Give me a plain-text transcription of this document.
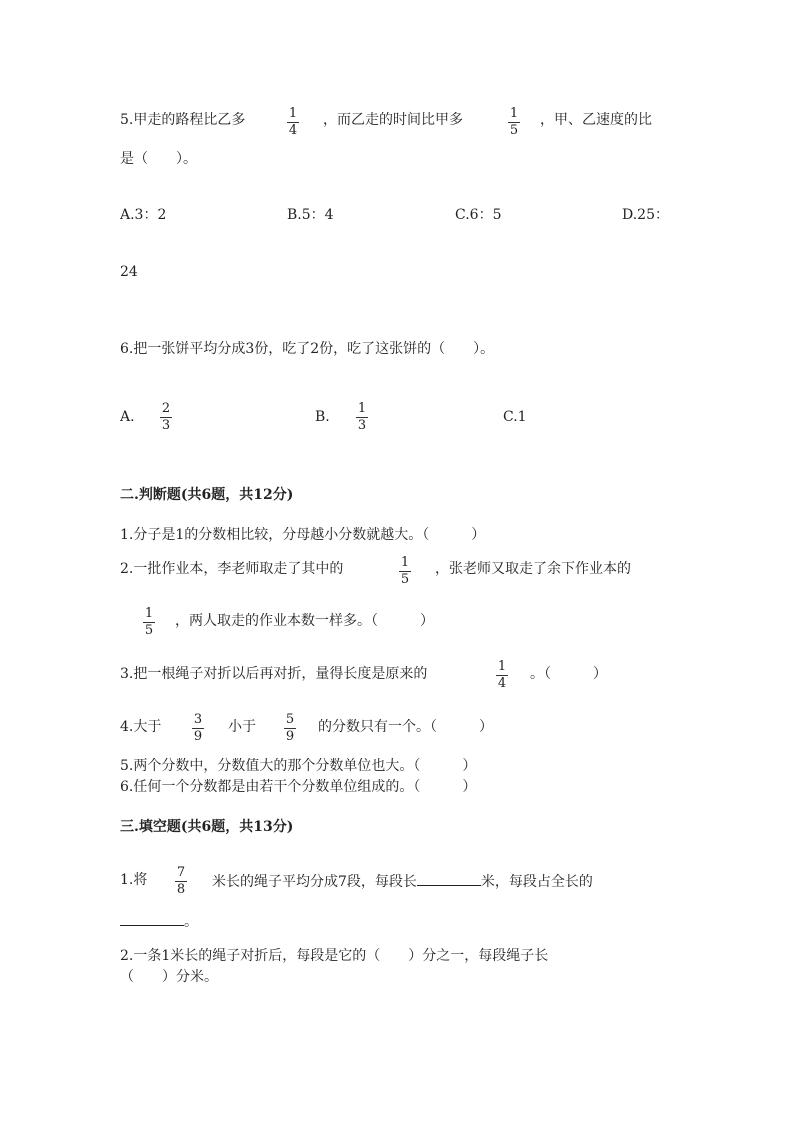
5.甲走的路程比乙多	1
4
，而乙走的时间比甲多	1
5
，甲、乙速度的比
是（　　）。
A.3：2	B.5：4	C.6：5	D.25：
24
6.把一张饼平均分成3份，吃了2份，吃了这张饼的（　　）。
A.
2
3
B.
1
3
C.1
二.判断题(共6题，共12分)
1.分子是1的分数相比较，分母越小分数就越大。（　　　）
2.一批作业本，李老师取走了其中的	1
5
，张老师又取走了余下作业本的
1
5
，两人取走的作业本数一样多。（　　　）
3.把一根绳子对折以后再对折，量得长度是原来的	1
4
。（　　　）
4.大于	3
9
小于 5
9
的分数只有一个。（　　　）
5.两个分数中，分数值大的那个分数单位也大。（　　　）
6.任何一个分数都是由若干个分数单位组成的。（　　　）
三.填空题(共6题，共13分)
1.将 7
8 米长的绳子平均分成7段，每段长	米，每段占全长的
。
2.一条1米长的绳子对折后，每段是它的（　　）分之一，每段绳子长
（　　）分米。
